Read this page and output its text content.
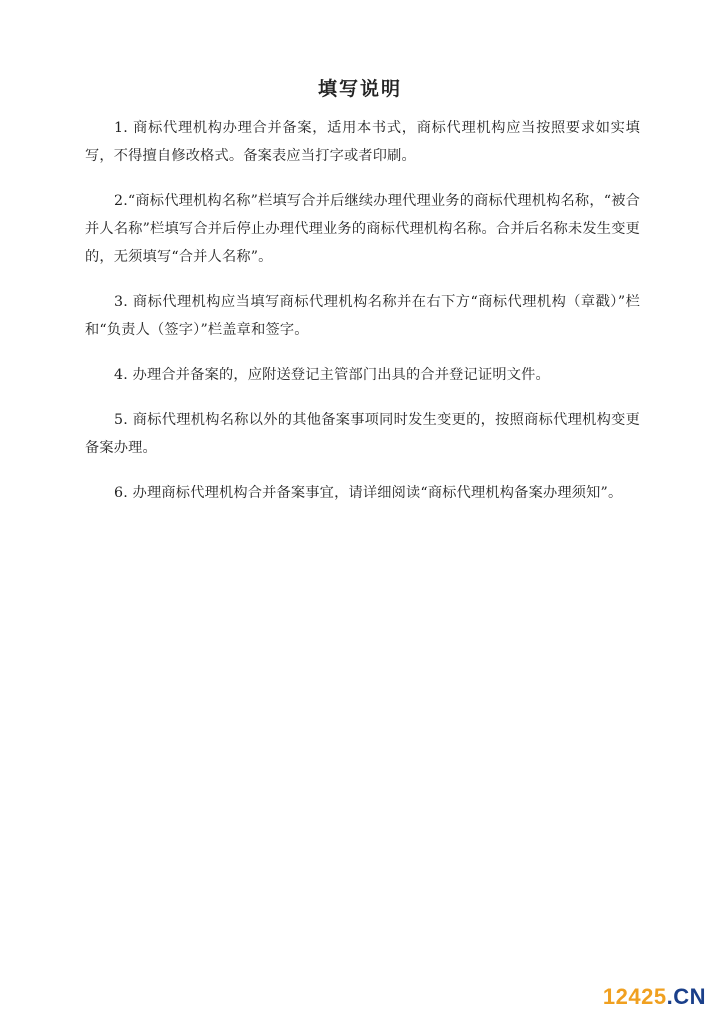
填写说明

1. 商标代理机构办理合并备案，适用本书式，商标代理机构应当按照要求如实填写，不得擅自修改格式。备案表应当打字或者印刷。

2.“商标代理机构名称”栏填写合并后继续办理代理业务的商标代理机构名称，“被合并人名称”栏填写合并后停止办理代理业务的商标代理机构名称。合并后名称未发生变更的，无须填写“合并人名称”。

3. 商标代理机构应当填写商标代理机构名称并在右下方“商标代理机构（章戳）”栏和“负责人（签字）”栏盖章和签字。

4. 办理合并备案的，应附送登记主管部门出具的合并登记证明文件。

5. 商标代理机构名称以外的其他备案事项同时发生变更的，按照商标代理机构变更备案办理。

6. 办理商标代理机构合并备案事宜，请详细阅读“商标代理机构备案办理须知”。

12425.CN
